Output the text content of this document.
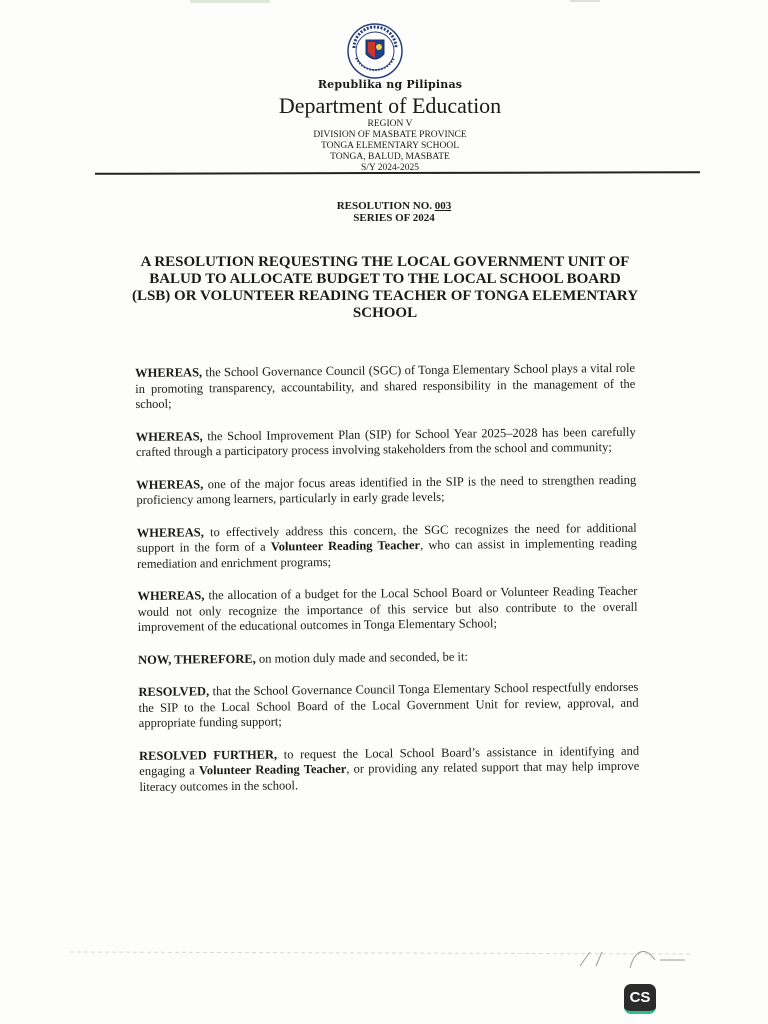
Republika ng Pilipinas
Department of Education
REGION V
DIVISION OF MASBATE PROVINCE
TONGA ELEMENTARY SCHOOL
TONGA, BALUD, MASBATE
S/Y 2024-2025
RESOLUTION NO. 003
SERIES OF 2024
A RESOLUTION REQUESTING THE LOCAL GOVERNMENT UNIT OF BALUD TO ALLOCATE BUDGET TO THE LOCAL SCHOOL BOARD (LSB) OR VOLUNTEER READING TEACHER OF TONGA ELEMENTARY SCHOOL

WHEREAS, the School Governance Council (SGC) of Tonga Elementary School plays a vital role in promoting transparency, accountability, and shared responsibility in the management of the school;

WHEREAS, the School Improvement Plan (SIP) for School Year 2025–2028 has been carefully crafted through a participatory process involving stakeholders from the school and community;

WHEREAS, one of the major focus areas identified in the SIP is the need to strengthen reading proficiency among learners, particularly in early grade levels;

WHEREAS, to effectively address this concern, the SGC recognizes the need for additional support in the form of a Volunteer Reading Teacher, who can assist in implementing reading remediation and enrichment programs;

WHEREAS, the allocation of a budget for the Local School Board or Volunteer Reading Teacher would not only recognize the importance of this service but also contribute to the overall improvement of the educational outcomes in Tonga Elementary School;

NOW, THEREFORE, on motion duly made and seconded, be it:

RESOLVED, that the School Governance Council Tonga Elementary School respectfully endorses the SIP to the Local School Board of the Local Government Unit for review, approval, and appropriate funding support;

RESOLVED FURTHER, to request the Local School Board’s assistance in identifying and engaging a Volunteer Reading Teacher, or providing any related support that may help improve literacy outcomes in the school.

CS
